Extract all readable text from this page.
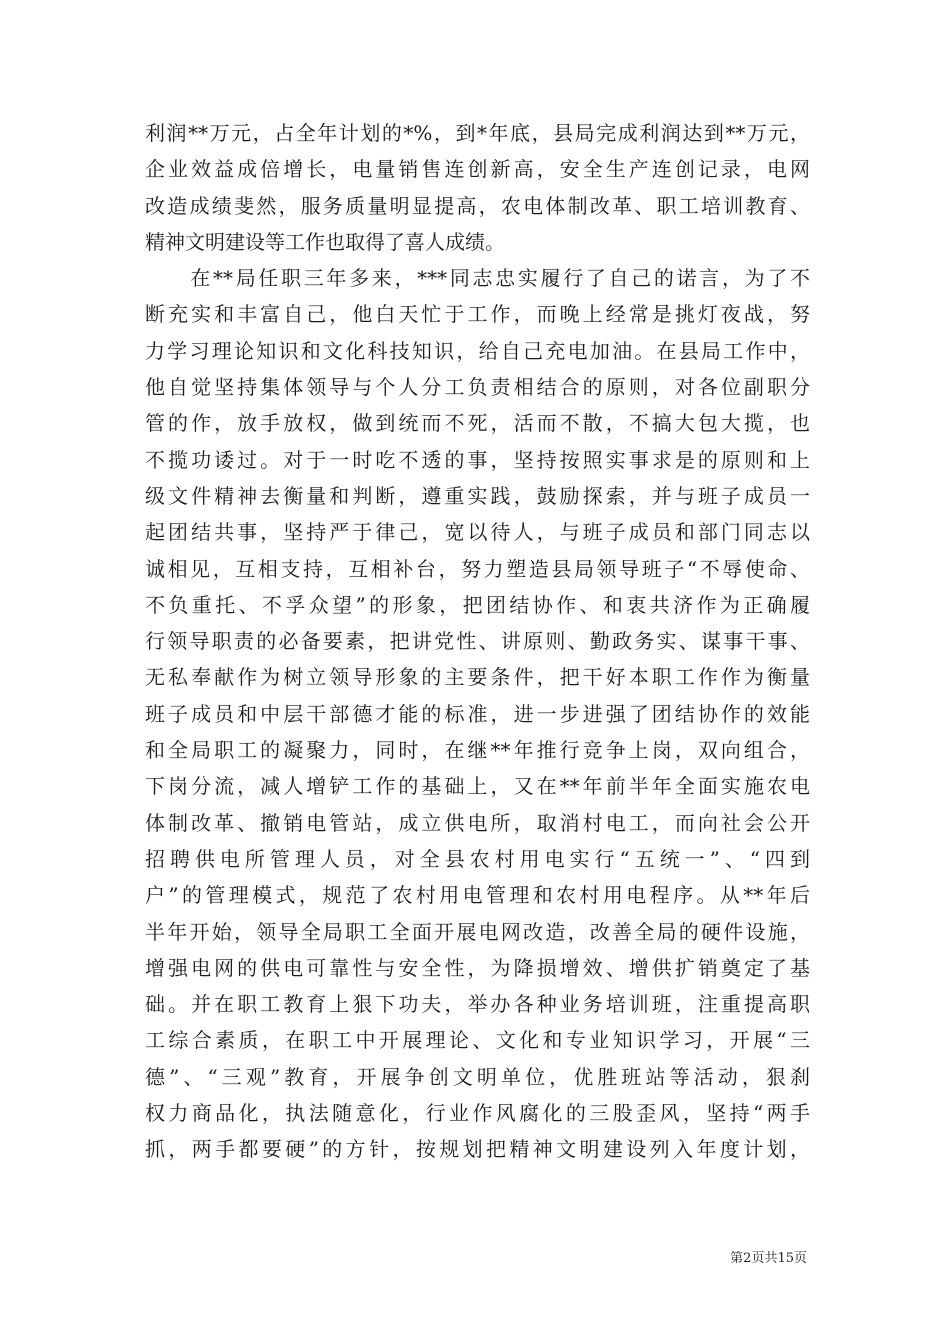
利润**万元，占全年计划的*%，到*年底，县局完成利润达到**万元，
企业效益成倍增长，电量销售连创新高，安全生产连创记录，电网
改造成绩斐然，服务质量明显提高，农电体制改革、职工培训教育、
精神文明建设等工作也取得了喜人成绩。
　　在**局任职三年多来，***同志忠实履行了自己的诺言，为了不
断充实和丰富自己，他白天忙于工作，而晚上经常是挑灯夜战，努
力学习理论知识和文化科技知识，给自己充电加油。在县局工作中，
他自觉坚持集体领导与个人分工负责相结合的原则，对各位副职分
管的作，放手放权，做到统而不死，活而不散，不搞大包大揽，也
不揽功诿过。对于一时吃不透的事，坚持按照实事求是的原则和上
级文件精神去衡量和判断，遵重实践，鼓励探索，并与班子成员一
起团结共事，坚持严于律己，宽以待人，与班子成员和部门同志以
诚相见，互相支持，互相补台，努力塑造县局领导班子“不辱使命、
不负重托、不孚众望”的形象，把团结协作、和衷共济作为正确履
行领导职责的必备要素，把讲党性、讲原则、勤政务实、谋事干事、
无私奉献作为树立领导形象的主要条件，把干好本职工作作为衡量
班子成员和中层干部德才能的标准，进一步进强了团结协作的效能
和全局职工的凝聚力，同时，在继**年推行竞争上岗，双向组合，
下岗分流，减人增铲工作的基础上，又在**年前半年全面实施农电
体制改革、撤销电管站，成立供电所，取消村电工，而向社会公开
招聘供电所管理人员，对全县农村用电实行“五统一”、“四到
户”的管理模式，规范了农村用电管理和农村用电程序。从**年后
半年开始，领导全局职工全面开展电网改造，改善全局的硬件设施，
增强电网的供电可靠性与安全性，为降损增效、增供扩销奠定了基
础。并在职工教育上狠下功夫，举办各种业务培训班，注重提高职
工综合素质，在职工中开展理论、文化和专业知识学习，开展“三
德”、“三观”教育，开展争创文明单位，优胜班站等活动，狠刹
权力商品化，执法随意化，行业作风腐化的三股歪风，坚持“两手
抓，两手都要硬”的方针，按规划把精神文明建设列入年度计划，
第2页共15页
